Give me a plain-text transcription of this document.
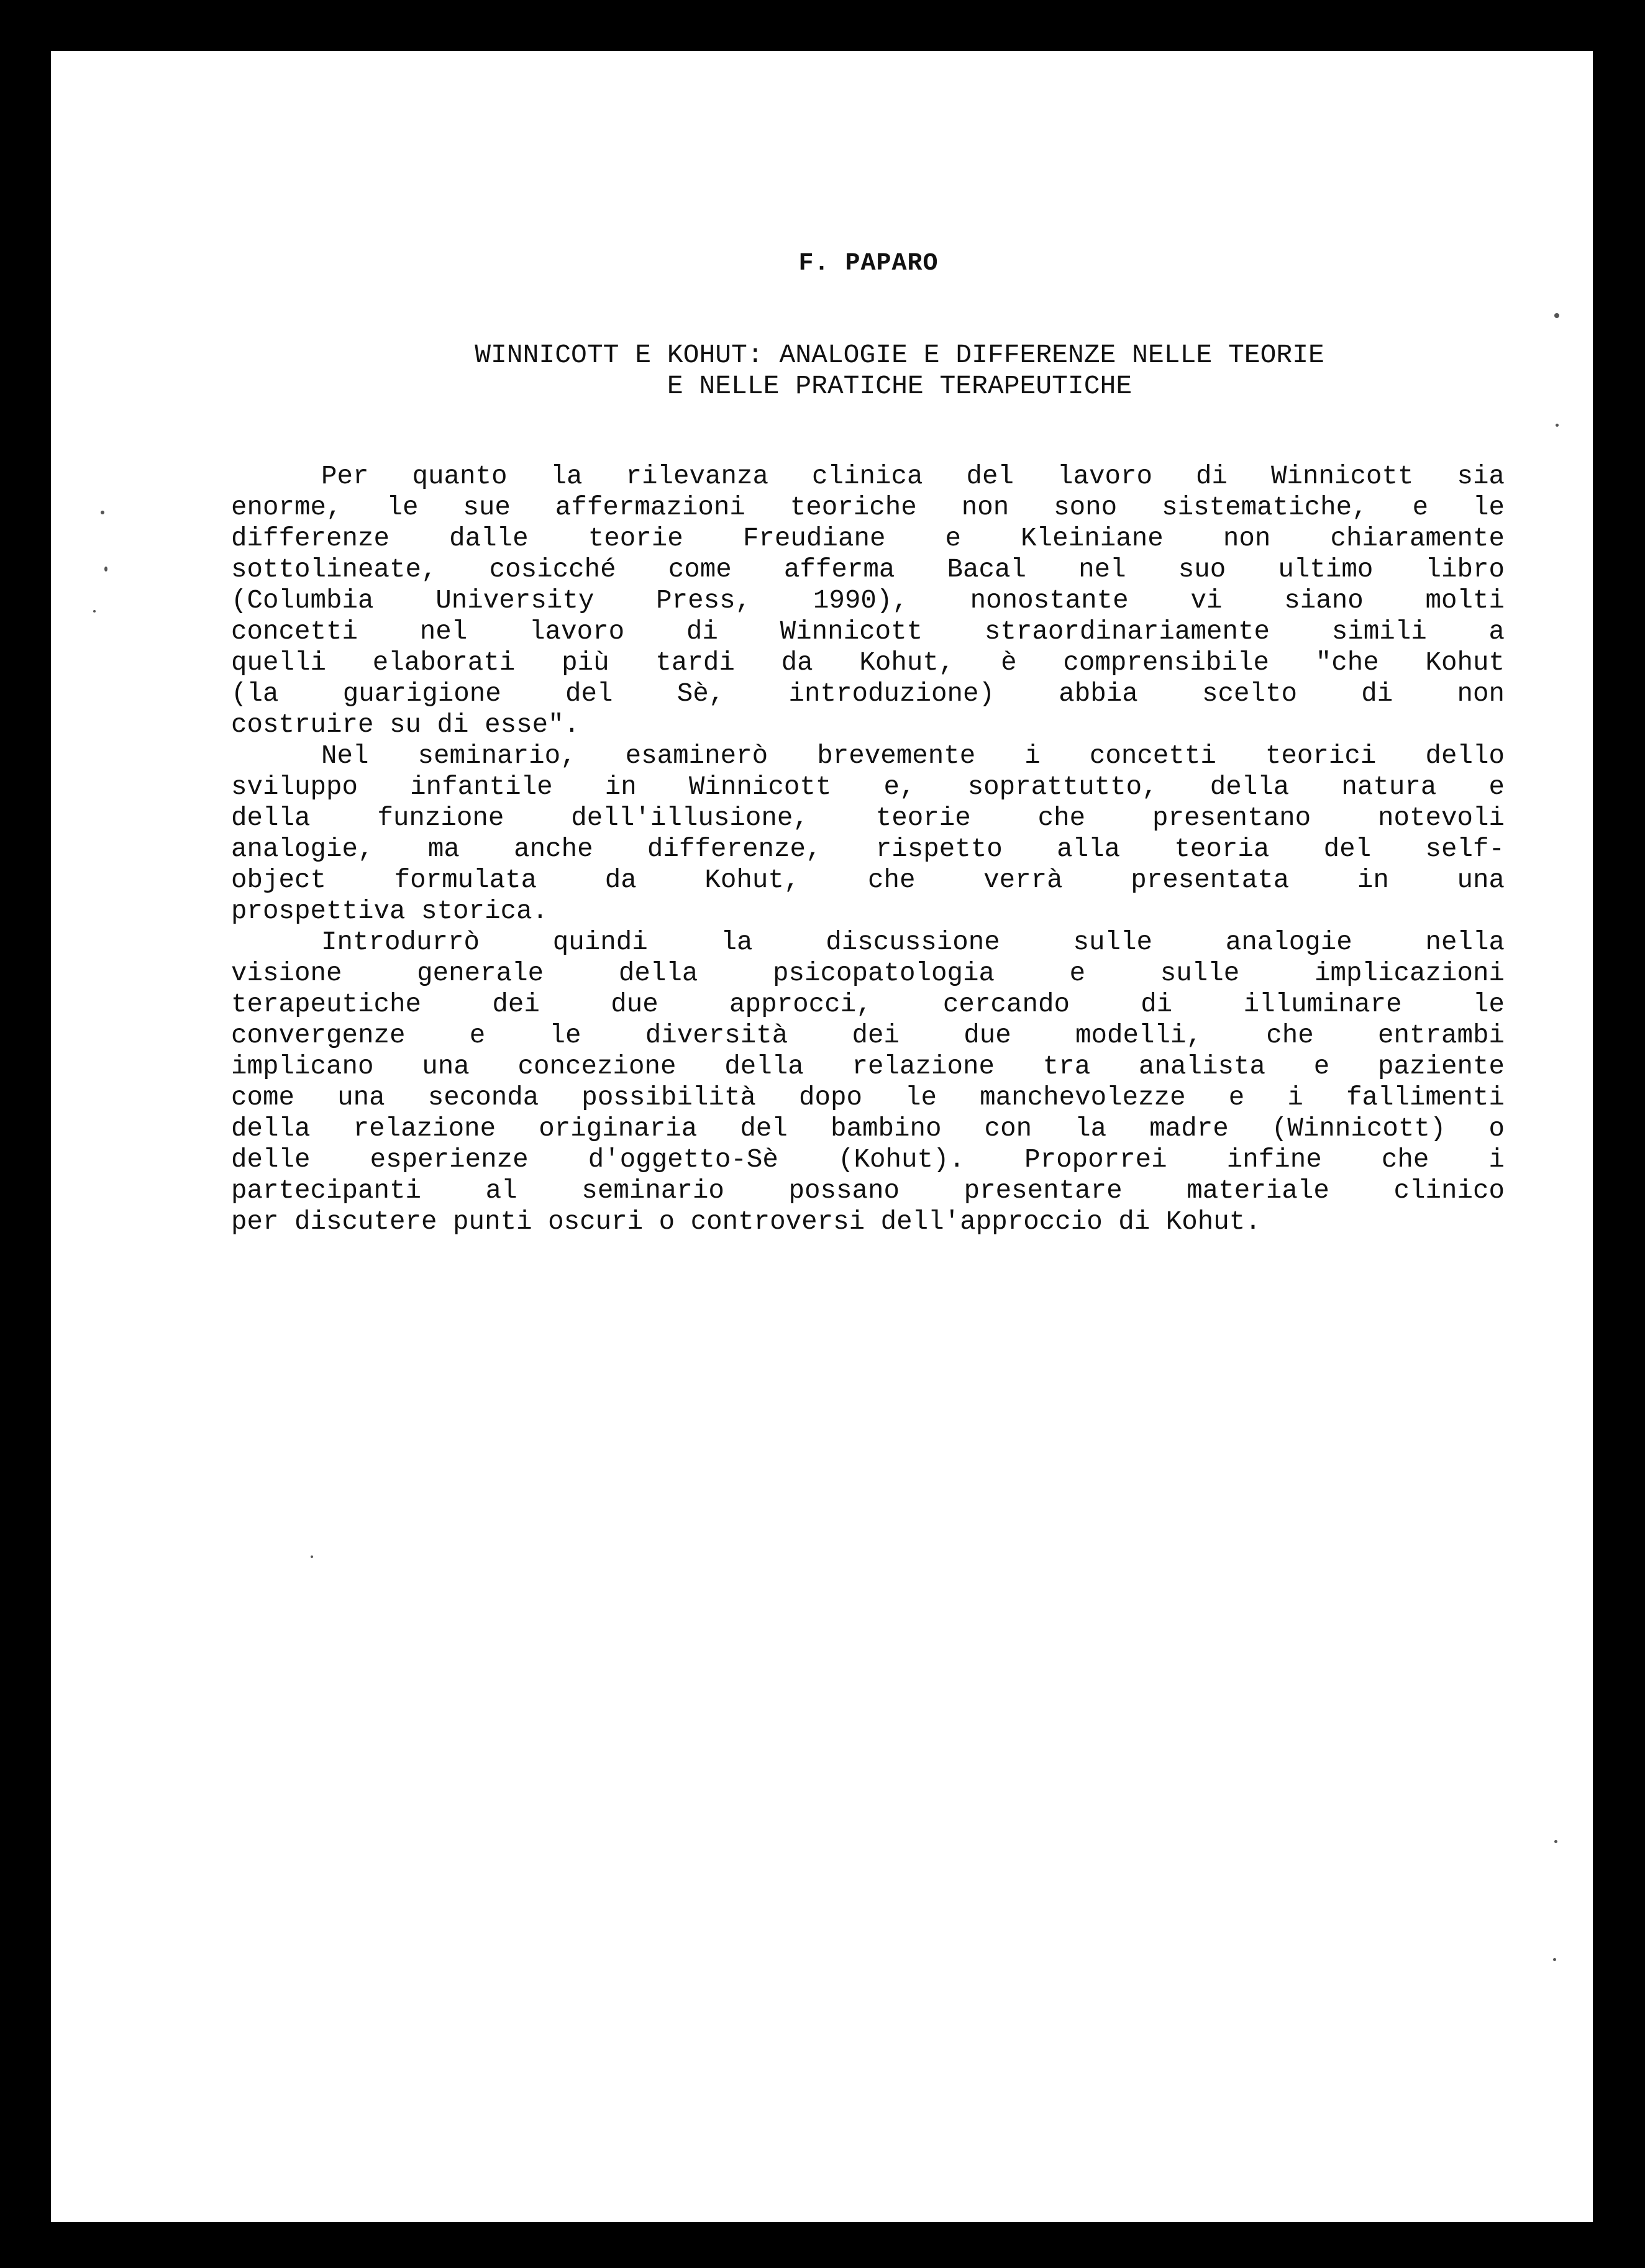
F. PAPARO
WINNICOTT E KOHUT: ANALOGIE E DIFFERENZE NELLE TEORIE
E NELLE PRATICHE TERAPEUTICHE
Per quanto la rilevanza clinica del lavoro di Winnicott sia
enorme, le sue affermazioni teoriche non sono sistematiche, e le
differenze dalle teorie Freudiane e Kleiniane non chiaramente
sottolineate, cosicché come afferma Bacal nel suo ultimo libro
(Columbia University Press, 1990), nonostante vi siano molti
concetti nel lavoro di Winnicott straordinariamente simili a
quelli elaborati più tardi da Kohut, è comprensibile "che Kohut
(la guarigione del Sè, introduzione) abbia scelto di non
costruire su di esse".
Nel seminario, esaminerò brevemente i concetti teorici dello
sviluppo infantile in Winnicott e, soprattutto, della natura e
della funzione dell'illusione, teorie che presentano notevoli
analogie, ma anche differenze, rispetto alla teoria del self-
object formulata da Kohut, che verrà presentata in una
prospettiva storica.
Introdurrò quindi la discussione sulle analogie nella
visione generale della psicopatologia e sulle implicazioni
terapeutiche dei due approcci, cercando di illuminare le
convergenze e le diversità dei due modelli, che entrambi
implicano una concezione della relazione tra analista e paziente
come una seconda possibilità dopo le manchevolezze e i fallimenti
della relazione originaria del bambino con la madre (Winnicott) o
delle esperienze d'oggetto-Sè (Kohut). Proporrei infine che i
partecipanti al seminario possano presentare materiale clinico
per discutere punti oscuri o controversi dell'approccio di Kohut.
